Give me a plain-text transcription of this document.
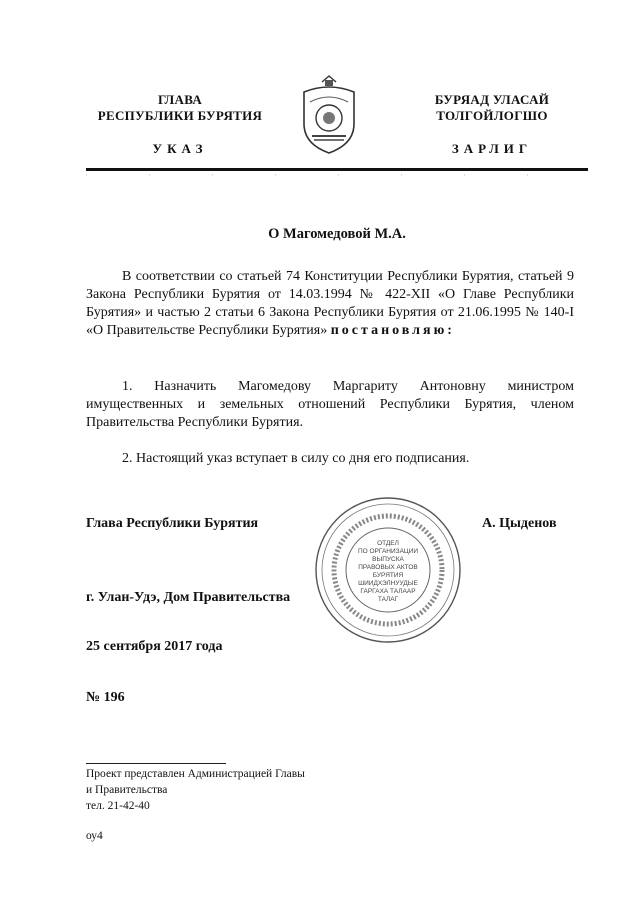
ГЛАВА
РЕСПУБЛИКИ БУРЯТИЯ
БУРЯАД УЛАСАЙ
ТОЛГОЙЛОГШО
УКАЗ	ЗАРЛИГ
О Магомедовой М.А.
В соответствии со статьей 74 Конституции Республики Бурятия, статьей 9 Закона Республики Бурятия от 14.03.1994 № 422-XII «О Главе Республики Бурятия» и частью 2 статьи 6 Закона Республики Бурятия от 21.06.1995 № 140-I «О Правительстве Республики Бурятия» постановляю:
1. Назначить Магомедову Маргариту Антоновну министром имущественных и земельных отношений Республики Бурятия, членом Правительства Республики Бурятия.
2. Настоящий указ вступает в силу со дня его подписания.
Глава Республики Бурятия	А. Цыденов
ОТДЕЛ
ПО ОРГАНИЗАЦИИ
ВЫПУСКА
ПРАВОВЫХ АКТОВ
БУРЯТИЯ
ШИИДХЭЛНУУДЫЕ
ГАРГАХА ТАЛААР
ТАЛАГ
г. Улан-Удэ, Дом Правительства
25 сентября 2017 года
№ 196
Проект представлен Администрацией Главы
и Правительства
тел. 21-42-40
оу4
